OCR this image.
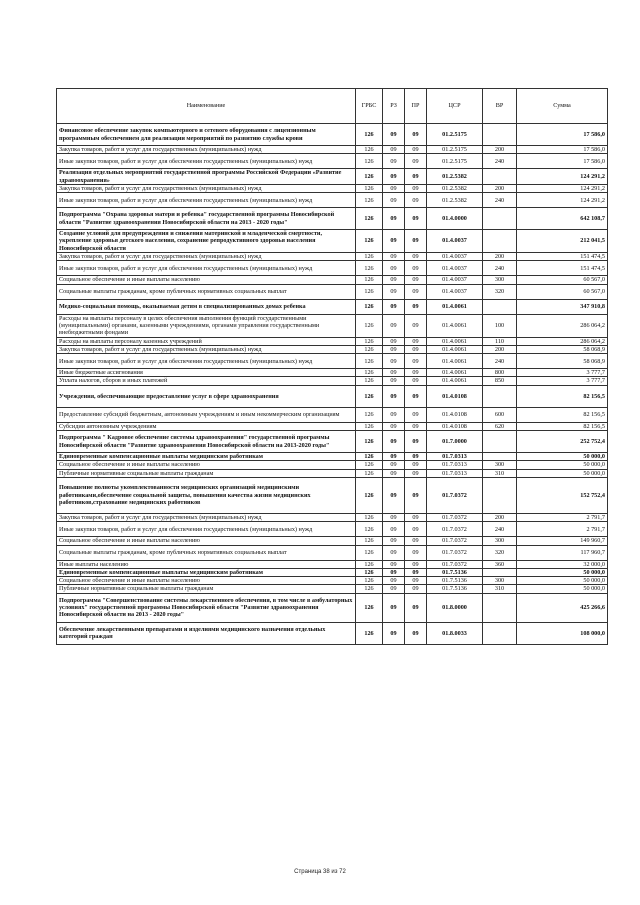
Наименование	ГРБС	РЗ	ПР	ЦСР	ВР	Сумма
Финансовое обеспечение закупок компьютерного и сетевого оборудования с лицензионным программным обеспечением для реализации мероприятий по развитию службы крови	126	09	09	01.2.5175		17 586,0
Закупка товаров, работ и услуг для государственных (муниципальных) нужд	126	09	09	01.2.5175	200	17 586,0
Иные закупки товаров, работ и услуг для обеспечения государственных (муниципальных) нужд	126	09	09	01.2.5175	240	17 586,0
Реализация отдельных мероприятий государственной программы Российской Федерации «Развитие здравоохранения»	126	09	09	01.2.5382		124 291,2
Закупка товаров, работ и услуг для государственных (муниципальных) нужд	126	09	09	01.2.5382	200	124 291,2
Иные закупки товаров, работ и услуг для обеспечения государственных (муниципальных) нужд	126	09	09	01.2.5382	240	124 291,2
Подпрограмма "Охрана здоровья матери и ребенка" государственной программы Новосибирской области "Развитие здравоохранения Новосибирской области на 2013 - 2020 годы"	126	09	09	01.4.0000		642 108,7
Создание условий для предупреждения и снижения материнской и младенческой смертности, укрепление здоровья детского населения, сохранение репродуктивного здоровья населения Новосибирской области	126	09	09	01.4.0037		212 041,5
Закупка товаров, работ и услуг для государственных (муниципальных) нужд	126	09	09	01.4.0037	200	151 474,5
Иные закупки товаров, работ и услуг для обеспечения государственных (муниципальных) нужд	126	09	09	01.4.0037	240	151 474,5
Социальное обеспечение и иные выплаты населению	126	09	09	01.4.0037	300	60 567,0
Социальные выплаты гражданам, кроме публичных нормативных социальных выплат	126	09	09	01.4.0037	320	60 567,0
Медико-социальная помощь, оказываемая детям в специализированных домах ребенка	126	09	09	01.4.0061		347 910,8
Расходы на выплаты персоналу в целях обеспечения выполнения функций государственными (муниципальными) органами, казенными учреждениями, органами управления государственными внебюджетными фондами	126	09	09	01.4.0061	100	286 064,2
Расходы на выплаты персоналу казенных учреждений	126	09	09	01.4.0061	110	286 064,2
Закупка товаров, работ и услуг для государственных (муниципальных) нужд	126	09	09	01.4.0061	200	58 068,9
Иные закупки товаров, работ и услуг для обеспечения государственных (муниципальных) нужд	126	09	09	01.4.0061	240	58 068,9
Иные бюджетные ассигнования	126	09	09	01.4.0061	800	3 777,7
Уплата налогов, сборов и иных платежей	126	09	09	01.4.0061	850	3 777,7
Учреждения, обеспечивающие предоставление услуг в сфере здравоохранения	126	09	09	01.4.0108		82 156,5
Предоставление субсидий бюджетным, автономным учреждениям и иным некоммерческим организациям	126	09	09	01.4.0108	600	82 156,5
Субсидии автономным учреждениям	126	09	09	01.4.0108	620	82 156,5
Подпрограмма " Кадровое обеспечение системы здравоохранения" государственной программы Новосибирской области "Развитие здравоохранения Новосибирской области на 2013-2020 годы"	126	09	09	01.7.0000		252 752,4
Единовременные компенсационные выплаты медицинским работникам	126	09	09	01.7.0313		50 000,0
Социальное обеспечение и иные выплаты населению	126	09	09	01.7.0313	300	50 000,0
Публичные нормативные социальные выплаты гражданам	126	09	09	01.7.0313	310	50 000,0
Повышение полноты укомплектованности медицинских организаций медицинскими работниками,обеспечение социальной защиты, повышения качества жизни медицинских работников,страхование медицинских работников	126	09	09	01.7.0372		152 752,4
Закупка товаров, работ и услуг для государственных (муниципальных) нужд	126	09	09	01.7.0372	200	2 791,7
Иные закупки товаров, работ и услуг для обеспечения государственных (муниципальных) нужд	126	09	09	01.7.0372	240	2 791,7
Социальное обеспечение и иные выплаты населению	126	09	09	01.7.0372	300	149 960,7
Социальные выплаты гражданам, кроме публичных нормативных социальных выплат	126	09	09	01.7.0372	320	117 960,7
Иные выплаты населению	126	09	09	01.7.0372	360	32 000,0
Единовременные компенсационные выплаты медицинским работникам	126	09	09	01.7.5136		50 000,0
Социальное обеспечение и иные выплаты населению	126	09	09	01.7.5136	300	50 000,0
Публичные нормативные социальные выплаты гражданам	126	09	09	01.7.5136	310	50 000,0
Подпрограмма "Совершенствование системы лекарственного обеспечения, в том числе в амбулаторных условиях" государственной программы Новосибирской области "Развитие здравоохранения Новосибирской области на 2013 - 2020 годы"	126	09	09	01.8.0000		425 266,6
Обеспечение лекарственными препаратами и изделиями медицинского назначения отдельных категорий граждан	126	09	09	01.8.0033		108 000,0
Страница 38 из 72
